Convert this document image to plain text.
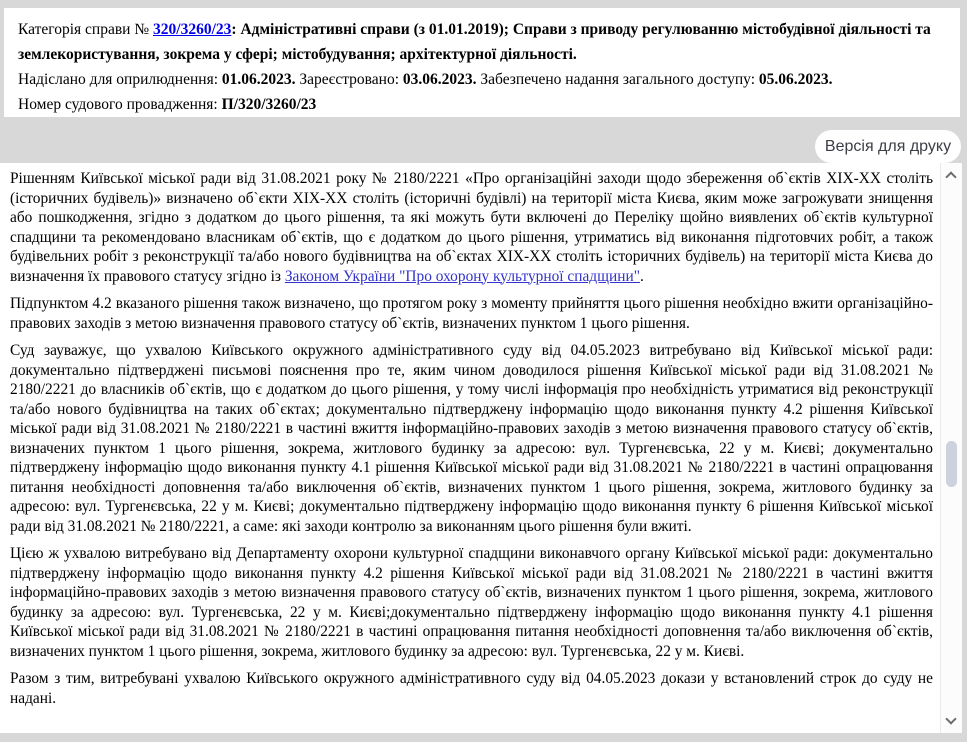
Категорія справи № 320/3260/23: Адміністративні справи (з 01.01.2019); Справи з приводу регулюванню містобудівної діяльності та землекористування, зокрема у сфері; містобудування; архітектурної діяльності.

Надіслано для оприлюднення: 01.06.2023. Зареєстровано: 03.06.2023. Забезпечено надання загального доступу: 05.06.2023.

Номер судового провадження: П/320/3260/23

Версія для друку

Рішенням Київської міської ради від 31.08.2021 року № 2180/2221 «Про організаційні заходи щодо збереження об`єктів XIX-XX століть (історичних будівель)» визначено об`єкти XIX-XX століть (історичні будівлі) на території міста Києва, яким може загрожувати знищення або пошкодження, згідно з додатком до цього рішення, та які можуть бути включені до Переліку щойно виявлених об`єктів культурної спадщини та рекомендовано власникам об`єктів, що є додатком до цього рішення, утриматись від виконання підготовчих робіт, а також будівельних робіт з реконструкції та/або нового будівництва на об`єктах XIX-XX століть історичних будівель) на території міста Києва до визначення їх правового статусу згідно із Законом України "Про охорону культурної спадщини".

Підпунктом 4.2 вказаного рішення також визначено, що протягом року з моменту прийняття цього рішення необхідно вжити організаційно-правових заходів з метою визначення правового статусу об`єктів, визначених пунктом 1 цього рішення.

Суд зауважує, що ухвалою Київського окружного адміністративного суду від 04.05.2023 витребувано від Київської міської ради: документально підтверджені письмові пояснення про те, яким чином доводилося рішення Київської міської ради від 31.08.2021 № 2180/2221 до власників об`єктів, що є додатком до цього рішення, у тому числі інформація про необхідність утриматися від реконструкції та/або нового будівництва на таких об`єктах; документально підтверджену інформацію щодо виконання пункту 4.2 рішення Київської міської ради від 31.08.2021 № 2180/2221 в частині вжиття інформаційно-правових заходів з метою визначення правового статусу об`єктів, визначених пунктом 1 цього рішення, зокрема, житлового будинку за адресою: вул. Тургенєвська, 22 у м. Києві; документально підтверджену інформацію щодо виконання пункту 4.1 рішення Київської міської ради від 31.08.2021 № 2180/2221 в частині опрацювання питання необхідності доповнення та/або виключення об`єктів, визначених пунктом 1 цього рішення, зокрема, житлового будинку за адресою: вул. Тургенєвська, 22 у м. Києві; документально підтверджену інформацію щодо виконання пункту 6 рішення Київської міської ради від 31.08.2021 № 2180/2221, а саме: які заходи контролю за виконанням цього рішення були вжиті.

Цією ж ухвалою витребувано від Департаменту охорони культурної спадщини виконавчого органу Київської міської ради: документально підтверджену інформацію щодо виконання пункту 4.2 рішення Київської міської ради від 31.08.2021 № 2180/2221 в частині вжиття інформаційно-правових заходів з метою визначення правового статусу об`єктів, визначених пунктом 1 цього рішення, зокрема, житлового будинку за адресою: вул. Тургенєвська, 22 у м. Києві;документально підтверджену інформацію щодо виконання пункту 4.1 рішення Київської міської ради від 31.08.2021 № 2180/2221 в частині опрацювання питання необхідності доповнення та/або виключення об`єктів, визначених пунктом 1 цього рішення, зокрема, житлового будинку за адресою: вул. Тургенєвська, 22 у м. Києві.

Разом з тим, витребувані ухвалою Київського окружного адміністративного суду від 04.05.2023 докази у встановлений строк до суду не надані.
